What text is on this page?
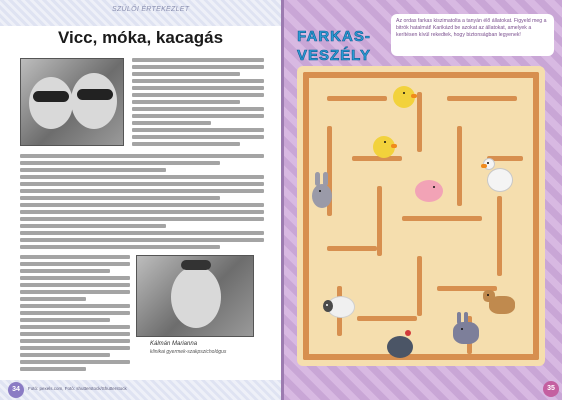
SZÜLŐI ÉRTEKEZLET
Vicc, móka, kacagás
Kálmán Marianna
klinikai gyermek-szakpszichológus
34	Fotó: pexels.com, Fotó: shutterstock/Shutterstock
FARKAS-
VESZÉLY
Az ordas farkas kiszimatolta a tanyán élő állatokat. Figyeld meg a bitrók hatalmát! Karikázd be azokat az állatokat, amelyek a kerítésen kívül rekedtek, hogy biztonságban legyenek!
35
